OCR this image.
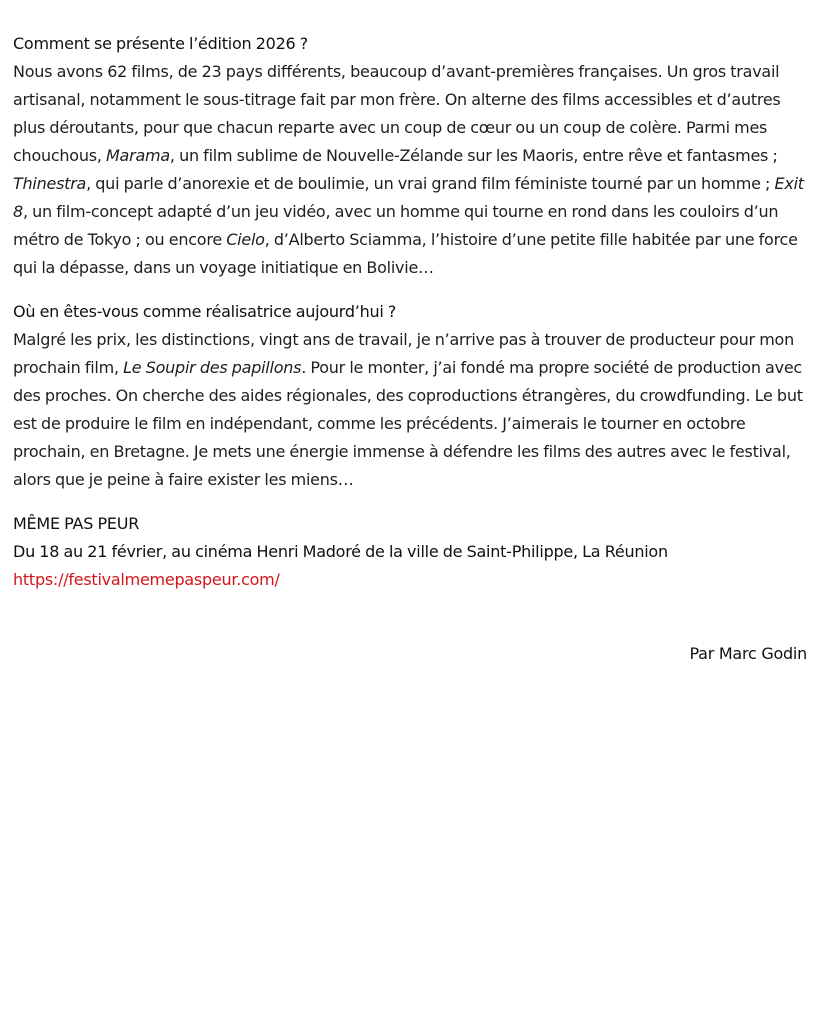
Comment se présente l’édition 2026 ?

Nous avons 62 films, de 23 pays différents, beaucoup d’avant-premières françaises. Un gros travail artisanal, notamment le sous-titrage fait par mon frère. On alterne des films accessibles et d’autres plus déroutants, pour que chacun reparte avec un coup de cœur ou un coup de colère. Parmi mes chouchous, Marama, un film sublime de Nouvelle-Zélande sur les Maoris, entre rêve et fantasmes ; Thinestra, qui parle d’anorexie et de boulimie, un vrai grand film féministe tourné par un homme ; Exit 8, un film-concept adapté d’un jeu vidéo, avec un homme qui tourne en rond dans les couloirs d’un métro de Tokyo ; ou encore Cielo, d’Alberto Sciamma, l’histoire d’une petite fille habitée par une force qui la dépasse, dans un voyage initiatique en Bolivie…

Où en êtes-vous comme réalisatrice aujourd’hui ?

Malgré les prix, les distinctions, vingt ans de travail, je n’arrive pas à trouver de producteur pour mon prochain film, Le Soupir des papillons. Pour le monter, j’ai fondé ma propre société de production avec des proches. On cherche des aides régionales, des coproductions étrangères, du crowdfunding. Le but est de produire le film en indépendant, comme les précédents. J’aimerais le tourner en octobre prochain, en Bretagne. Je mets une énergie immense à défendre les films des autres avec le festival, alors que je peine à faire exister les miens…

MÊME PAS PEUR

Du 18 au 21 février, au cinéma Henri Madoré de la ville de Saint-Philippe, La Réunion

https://festivalmemepaspeur.com/
Par Marc Godin
